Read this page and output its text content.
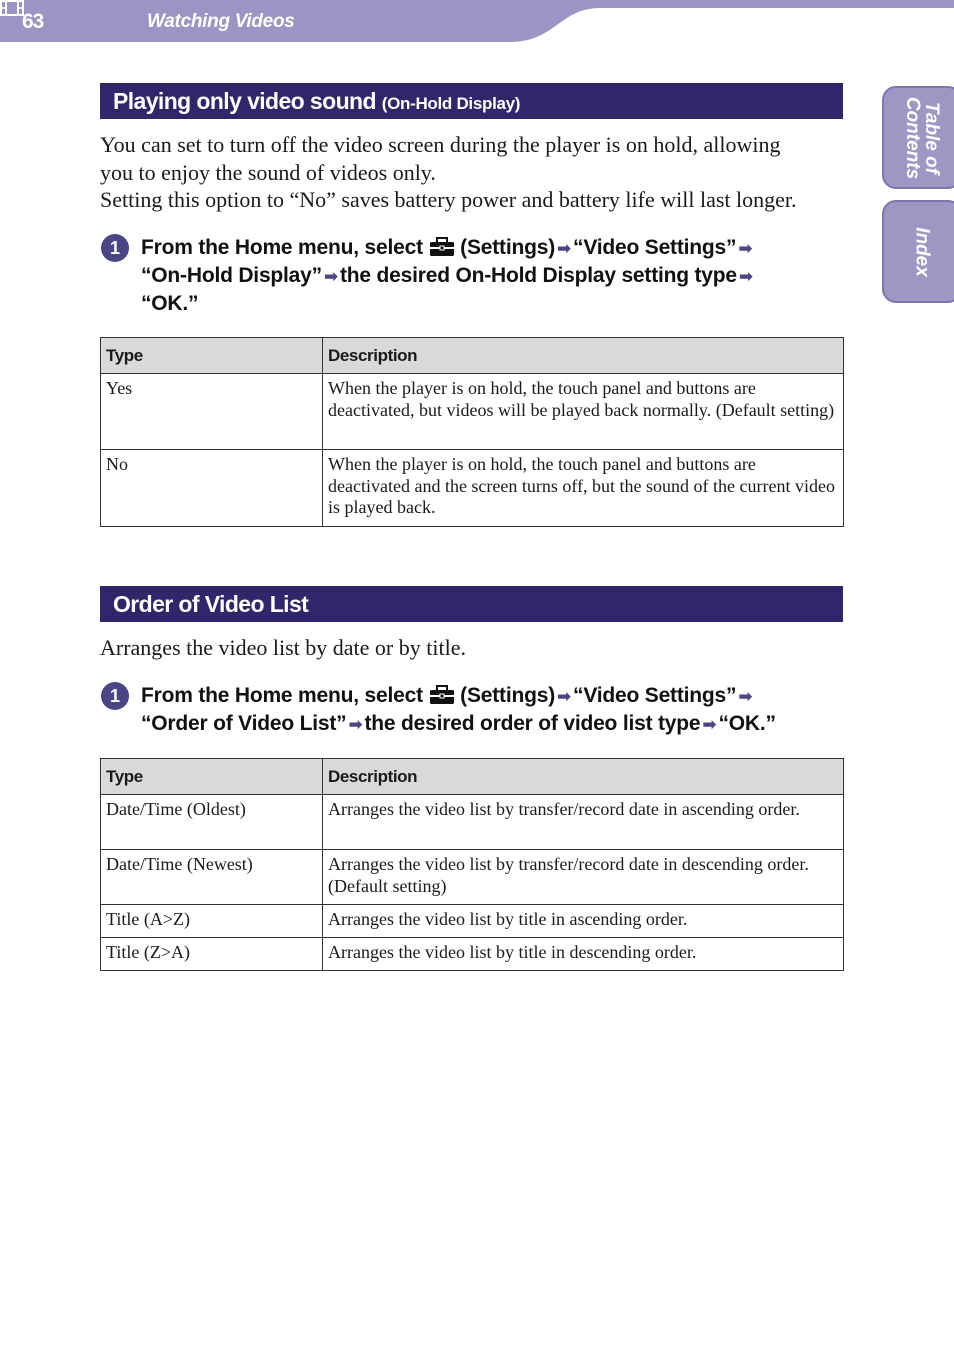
63	Watching Videos
Table of
Contents
Index
Playing only video sound (On-Hold Display)
You can set to turn off the video screen during the player is on hold, allowing
you to enjoy the sound of videos only.
Setting this option to “No” saves battery power and battery life will last longer.
1	From the Home menu, select (Settings) ➡“Video Settings” ➡
“On-Hold Display” ➡the desired On-Hold Display setting type ➡
“OK.”
Type	Description
Yes	When the player is on hold, the touch panel and buttons are deactivated, but videos will be played back normally. (Default setting)
No	When the player is on hold, the touch panel and buttons are deactivated and the screen turns off, but the sound of the current video is played back.
Order of Video List
Arranges the video list by date or by title.
1	From the Home menu, select (Settings) ➡“Video Settings” ➡
“Order of Video List” ➡the desired order of video list type ➡“OK.”
Type	Description
Date/Time (Oldest)	Arranges the video list by transfer/record date in ascending order.
Date/Time (Newest)	Arranges the video list by transfer/record date in descending order. (Default setting)
Title (A>Z)	Arranges the video list by title in ascending order.
Title (Z>A)	Arranges the video list by title in descending order.
